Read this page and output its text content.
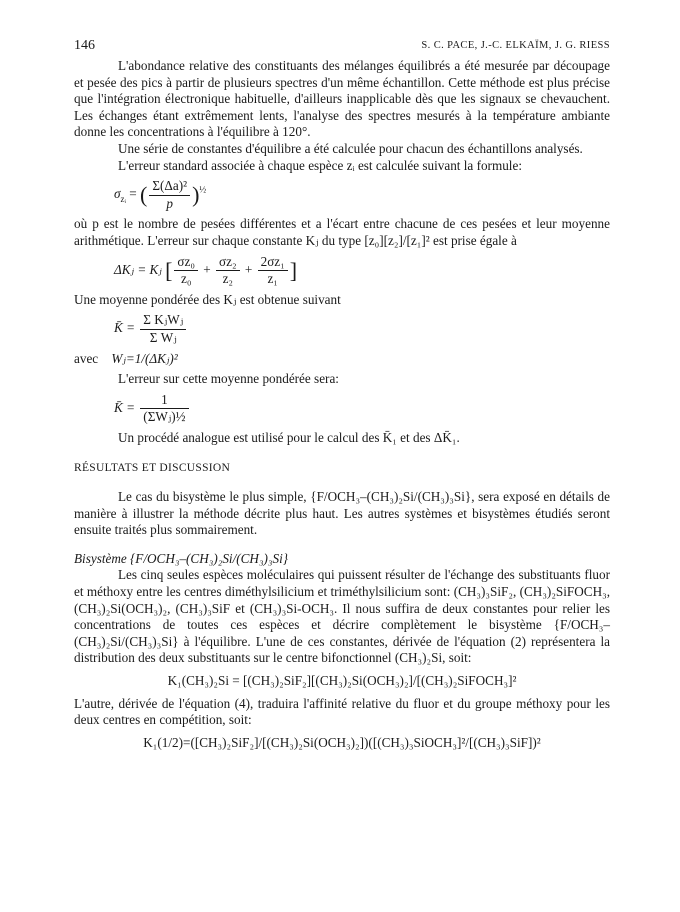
146	S. C. PACE, J.-C. ELKAÏM, J. G. RIESS

L'abondance relative des constituants des mélanges équilibrés a été mesurée par découpage et pesée des pics à partir de plusieurs spectres d'un même échantillon. Cette méthode est plus précise que l'intégration électronique habituelle, d'ailleurs inapplicable dès que les signaux se chevauchent. Les échanges étant extrêmement lents, l'analyse des spectres mesurés à la température ambiante donne les concentrations à l'équilibre à 120°.

Une série de constantes d'équilibre a été calculée pour chacun des échantillons analysés.

L'erreur standard associée à chaque espèce zᵢ est calculée suivant la formule:

$\sigma_{zᵢ}$ = ( $\frac{\text{Σ(Δa)²}}{p} )^{\frac{1}{2}}$

où p est le nombre de pesées différentes et a l'écart entre chacune de ces pesées et leur moyenne arithmétique. L'erreur sur chaque constante Kⱼ du type [z₀][z₂]/[z₁]² est prise égale à

ΔKⱼ = Kⱼ [ $\frac{\text{σz₀}}{\text{z₀}} + \frac{\text{σz₂}}{\text{z₂}} + \frac{\text{2σz₁}}{\text{z₁}}$ ]

Une moyenne pondérée des Kⱼ est obtenue suivant

K̄ = $\frac{\text{Σ KⱼWⱼ}}{\text{Σ Wⱼ}}$
avec Wⱼ=1/(ΔKⱼ)²

L'erreur sur cette moyenne pondérée sera:

K̄ = $\frac{1}{\text{(ΣWⱼ)½}}$

Un procédé analogue est utilisé pour le calcul des K̄₁ et des ΔK̄₁.

RÉSULTATS ET DISCUSSION

Le cas du bisystème le plus simple, {F/OCH₃–(CH₃)₂Si/(CH₃)₃Si}, sera exposé en détails de manière à illustrer la méthode décrite plus haut. Les autres systèmes et bisystèmes étudiés seront ensuite traités plus sommairement.

Bisystème {F/OCH₃–(CH₃)₂Si/(CH₃)₃Si}

Les cinq seules espèces moléculaires qui puissent résulter de l'échange des substituants fluor et méthoxy entre les centres diméthylsilicium et triméthylsilicium sont: (CH₃)₃SiF₂, (CH₃)₂SiFOCH₃, (CH₃)₂Si(OCH₃)₂, (CH₃)₃SiF et (CH₃)₃Si-OCH₃. Il nous suffira de deux constantes pour relier les concentrations de toutes ces espèces et décrire complètement le bisystème {F/OCH₃–(CH₃)₂Si/(CH₃)₃Si} à l'équilibre. L'une de ces constantes, dérivée de l'équation (2) représentera la distribution des deux substituants sur le centre bifonctionnel (CH₃)₂Si, soit:

K₁(CH₃)₂Si = [(CH₃)₂SiF₂][(CH₃)₂Si(OCH₃)₂]/[(CH₃)₂SiFOCH₃]²

L'autre, dérivée de l'équation (4), traduira l'affinité relative du fluor et du groupe méthoxy pour les deux centres en compétition, soit:

K₁(1/2)=([CH₃)₂SiF₂]/[(CH₃)₂Si(OCH₃)₂])([(CH₃)₃SiOCH₃]²/[(CH₃)₃SiF])²
